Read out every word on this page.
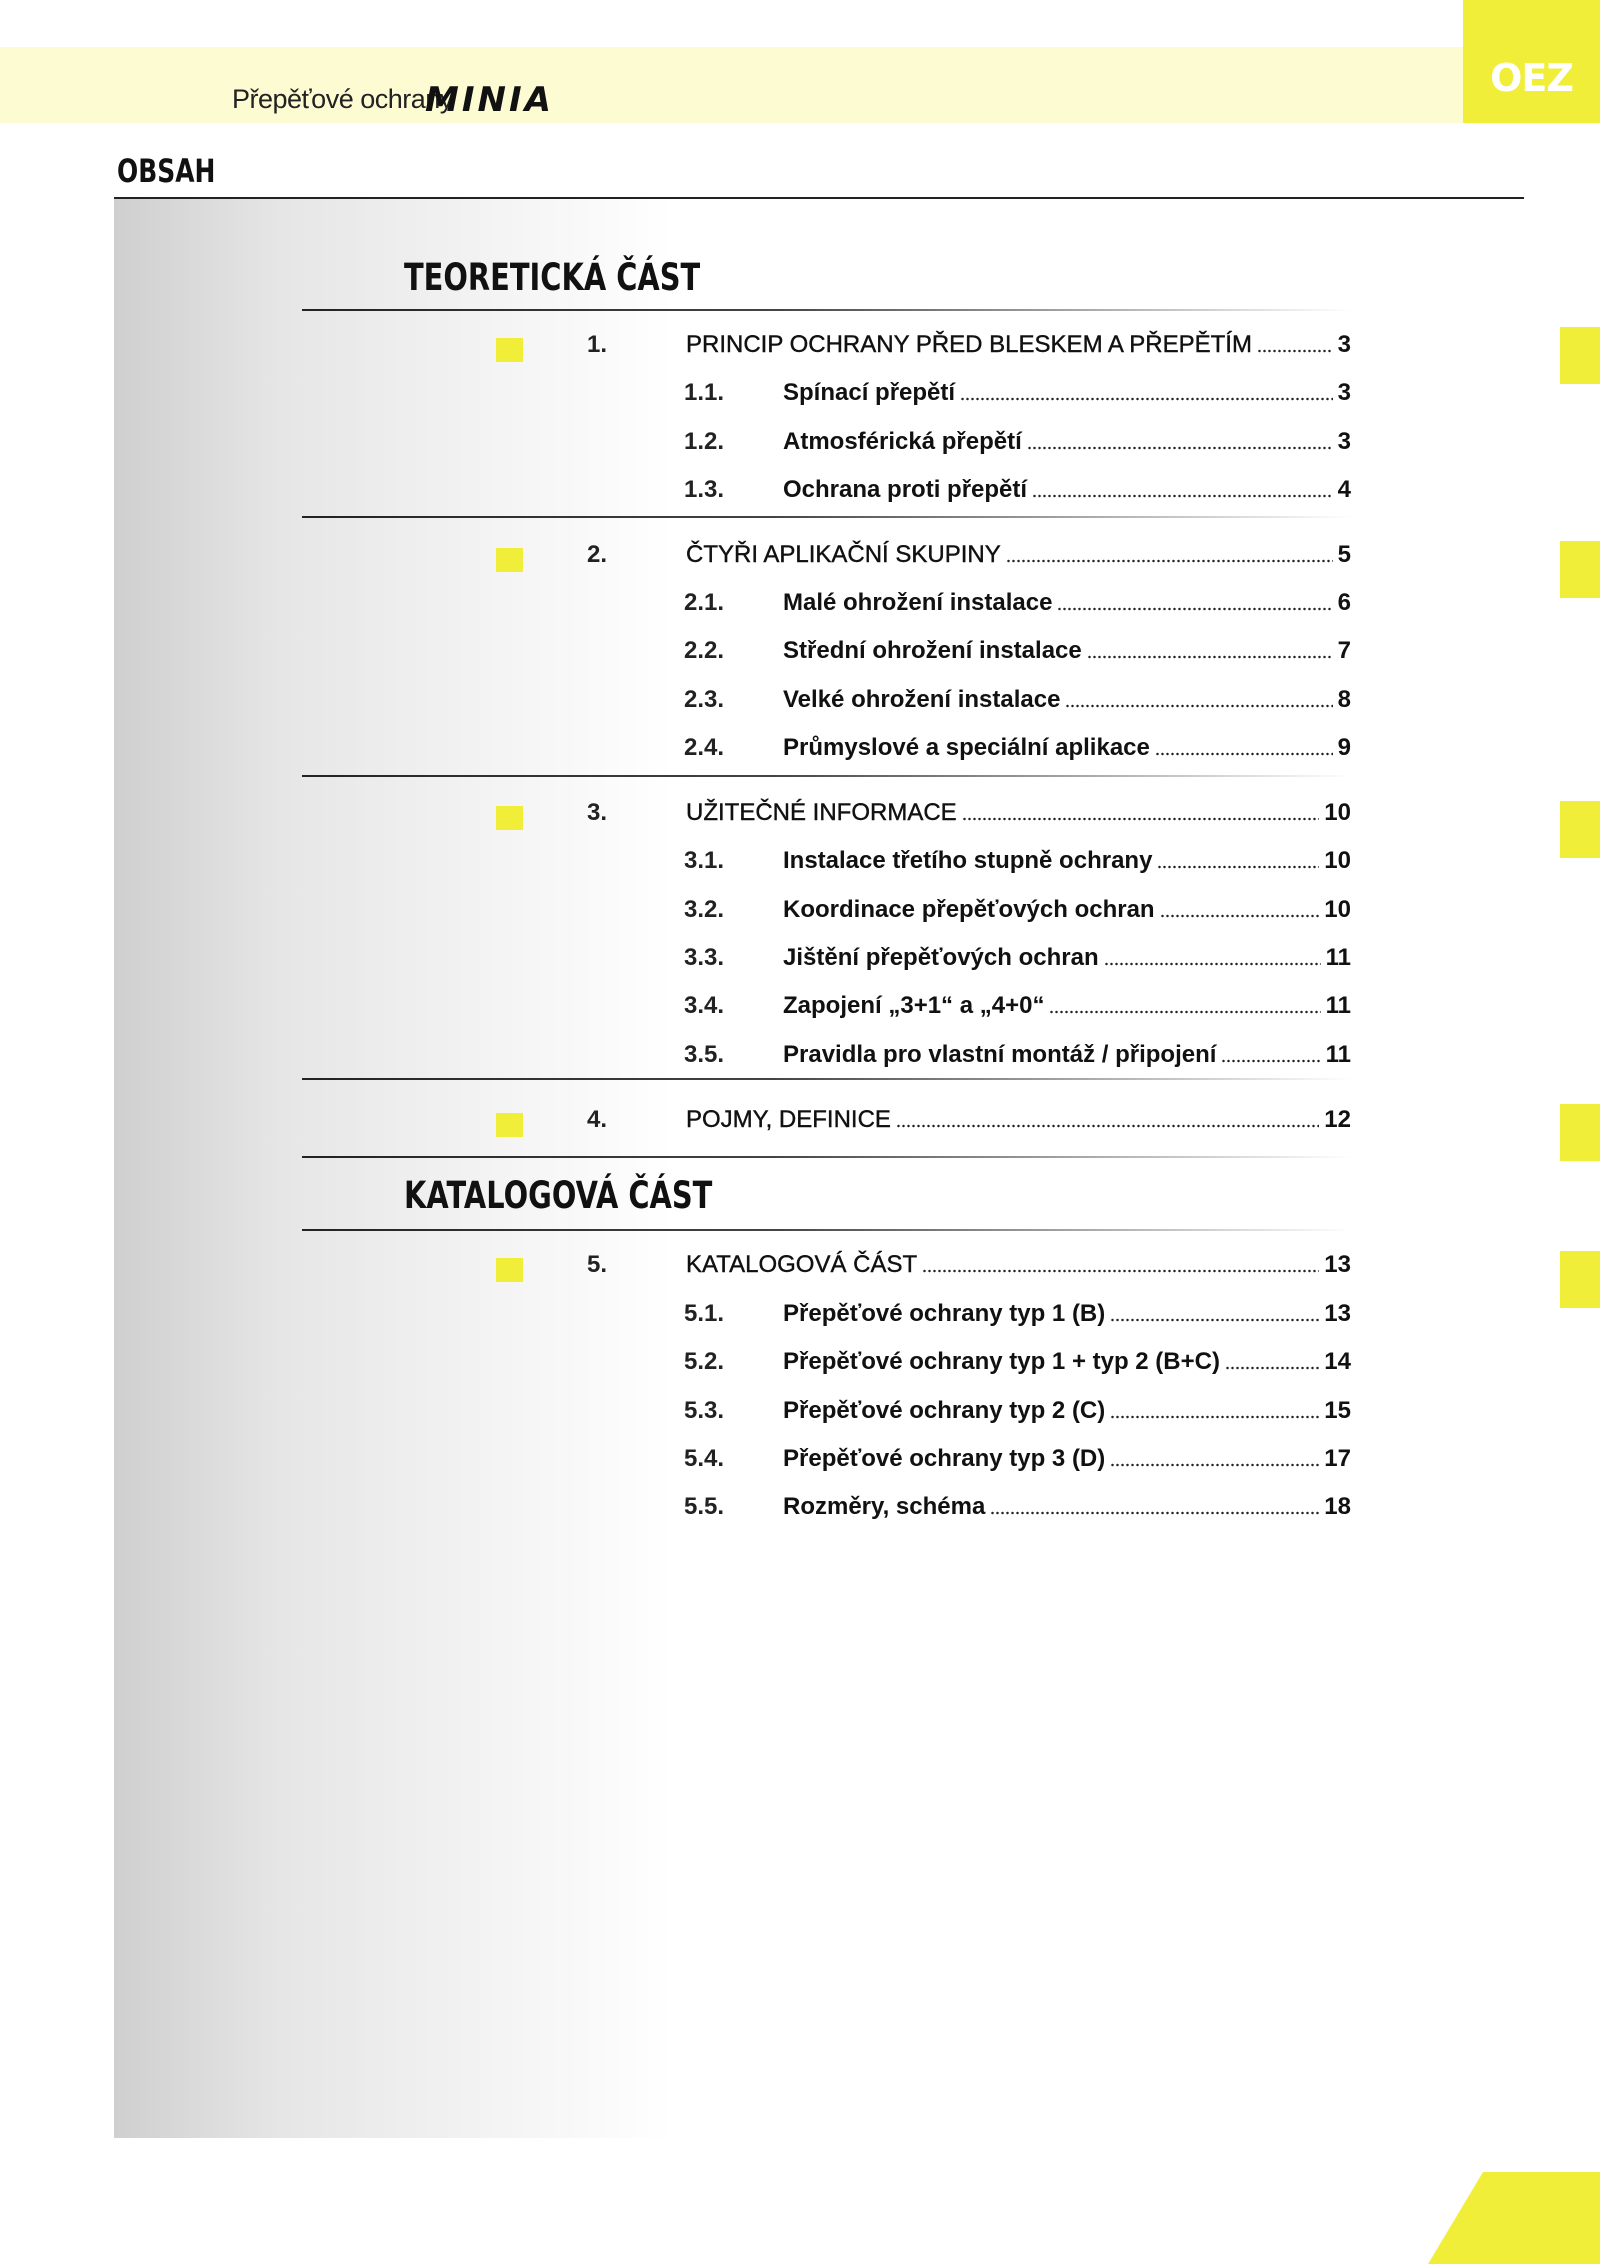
Přepěťové ochrany
MINIA	OEZ
OBSAH
TEORETICKÁ ČÁST
1.	PRINCIP OCHRANY PŘED BLESKEM A PŘEPĚTÍM	3
1.1. Spínací přepětí	3
1.2. Atmosférická přepětí	3
1.3. Ochrana proti přepětí	4
2.	ČTYŘI APLIKAČNÍ SKUPINY	5
2.1. Malé ohrožení instalace	6
2.2. Střední ohrožení instalace	7
2.3. Velké ohrožení instalace	8
2.4. Průmyslové a speciální aplikace	9
3.	UŽITEČNÉ INFORMACE	10
3.1. Instalace třetího stupně ochrany	10
3.2. Koordinace přepěťových ochran	10
3.3. Jištění přepěťových ochran	11
3.4. Zapojení „3+1“ a „4+0“	11
3.5. Pravidla pro vlastní montáž / připojení	11
4.	POJMY, DEFINICE	12
KATALOGOVÁ ČÁST
5.	KATALOGOVÁ ČÁST	13
5.1. Přepěťové ochrany typ 1 (B)	13
5.2. Přepěťové ochrany typ 1 + typ 2 (B+C)	14
5.3. Přepěťové ochrany typ 2 (C)	15
5.4. Přepěťové ochrany typ 3 (D)	17
5.5. Rozměry, schéma	18
